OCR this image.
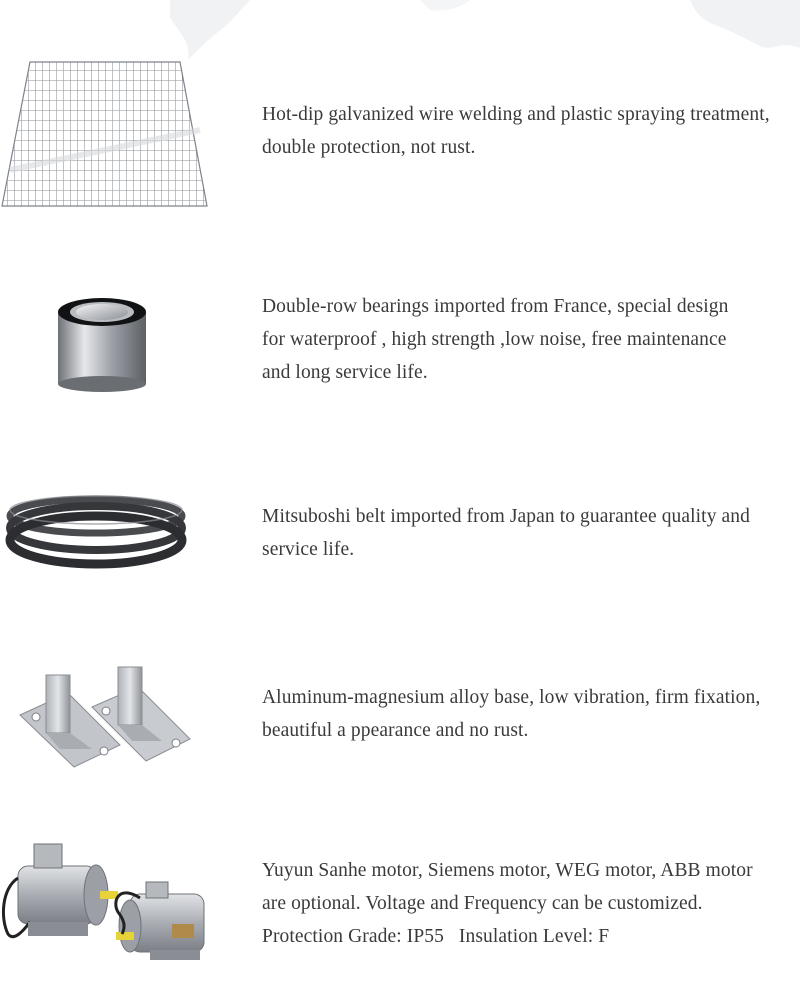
Hot-dip galvanized wire welding and plastic spraying treatment,
double protection, not rust.
Double-row bearings imported from France, special design
for waterproof , high strength ,low noise, free maintenance
and long service life.
Mitsuboshi belt imported from Japan to guarantee quality and
service life.
Aluminum-magnesium alloy base, low vibration, firm fixation,
beautiful a ppearance and no rust.
Yuyun Sanhe motor, Siemens motor, WEG motor, ABB motor
are optional. Voltage and Frequency can be customized.
Protection Grade: IP55   Insulation Level: F
